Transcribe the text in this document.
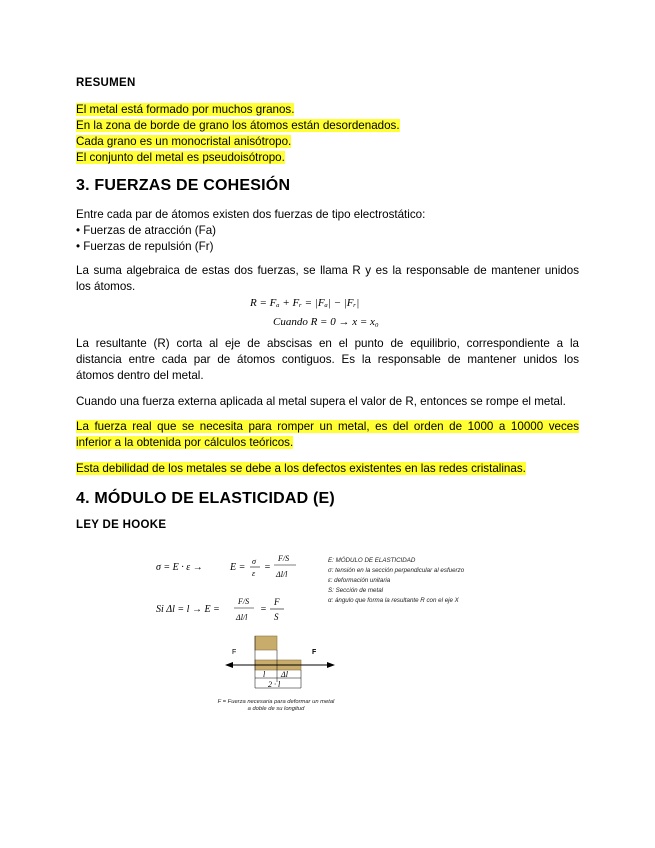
RESUMEN
El metal está formado por muchos granos.
En la zona de borde de grano los átomos están desordenados.
Cada grano es un monocristal anisótropo.
El conjunto del metal es pseudoisótropo.
3. FUERZAS DE COHESIÓN
Entre cada par de átomos existen dos fuerzas de tipo electrostático:
• Fuerzas de atracción (Fa)
• Fuerzas de repulsión (Fr)
La suma algebraica de estas dos fuerzas, se llama R y es la responsable de mantener unidos
los átomos.
R = Fₐ + Fᵣ = |Fₐ| − |Fᵣ|
Cuando R = 0 → x = x₀
La resultante (R) corta al eje de abscisas en el punto de equilibrio, correspondiente a la
distancia entre cada par de átomos contiguos. Es la responsable de mantener unidos los
átomos dentro del metal.
Cuando una fuerza externa aplicada al metal supera el valor de R, entonces se rompe el metal.
La fuerza real que se necesita para romper un metal, es del orden de 1000 a 10000 veces
inferior a la obtenida por cálculos teóricos.
Esta debilidad de los metales se debe a los defectos existentes en las redes cristalinas.
4. MÓDULO DE ELASTICIDAD (E)
LEY DE HOOKE
σ = E · ε →	E =
σ
ε
=
F/S
Δl/l
Si Δl = l → E =
F/S
Δl/l
=
F
S
E: MÓDULO DE ELASTICIDAD
σ: tensión en la sección perpendicular al esfuerzo
ε: deformación unitaria
S: Sección de metal
α: ángulo que forma la resultante R con el eje X
F	F
l Δl
2 · l
F = Fuerza necesaria para deformar un metal
a doble de su longitud
